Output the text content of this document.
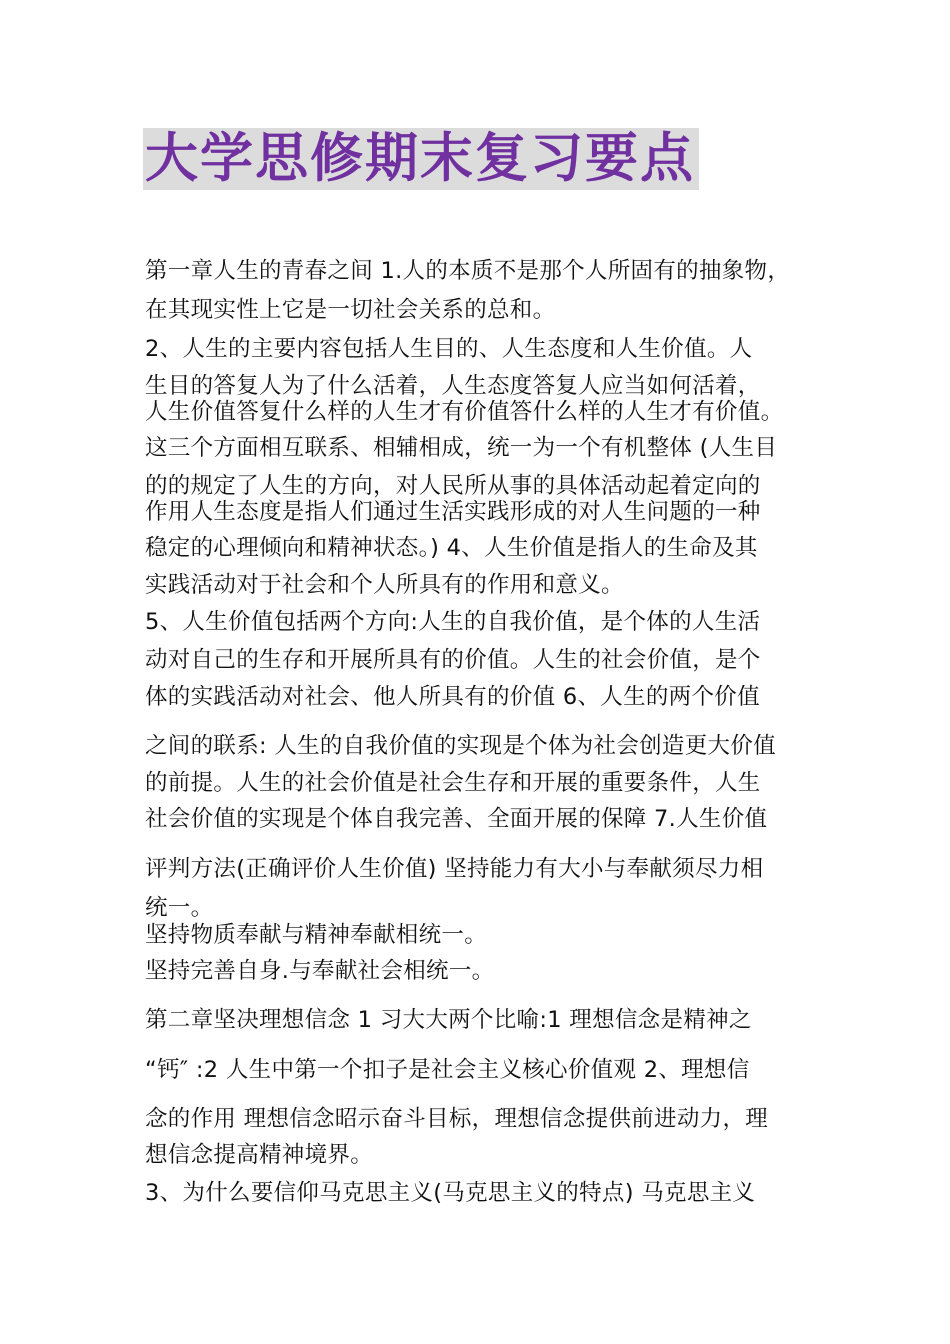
大学思修期末复习要点
第一章人生的青春之间 1.人的本质不是那个人所固有的抽象物，
在其现实性上它是一切社会关系的总和。
2、人生的主要内容包括人生目的、人生态度和人生价值。人
生目的答复人为了什么活着，人生态度答复人应当如何活着，
人生价值答复什么样的人生才有价值答什么样的人生才有价值。
这三个方面相互联系、相辅相成，统一为一个有机整体 (人生目
的的规定了人生的方向，对人民所从事的具体活动起着定向的
作用人生态度是指人们通过生活实践形成的对人生问题的一种
稳定的心理倾向和精神状态。) 4、人生价值是指人的生命及其
实践活动对于社会和个人所具有的作用和意义。
5、人生价值包括两个方向:人生的自我价值，是个体的人生活
动对自己的生存和开展所具有的价值。人生的社会价值，是个
体的实践活动对社会、他人所具有的价值 6、人生的两个价值
之间的联系: 人生的自我价值的实现是个体为社会创造更大价值
的前提。人生的社会价值是社会生存和开展的重要条件，人生
社会价值的实现是个体自我完善、全面开展的保障 7.人生价值
评判方法(正确评价人生价值) 坚持能力有大小与奉献须尽力相
统一。
坚持物质奉献与精神奉献相统一。
坚持完善自身.与奉献社会相统一。
第二章坚决理想信念 1 习大大两个比喻:1 理想信念是精神之
“钙″ :2 人生中第一个扣子是社会主义核心价值观 2、理想信
念的作用 理想信念昭示奋斗目标，理想信念提供前进动力，理
想信念提高精神境界。
3、为什么要信仰马克思主义(马克思主义的特点) 马克思主义
